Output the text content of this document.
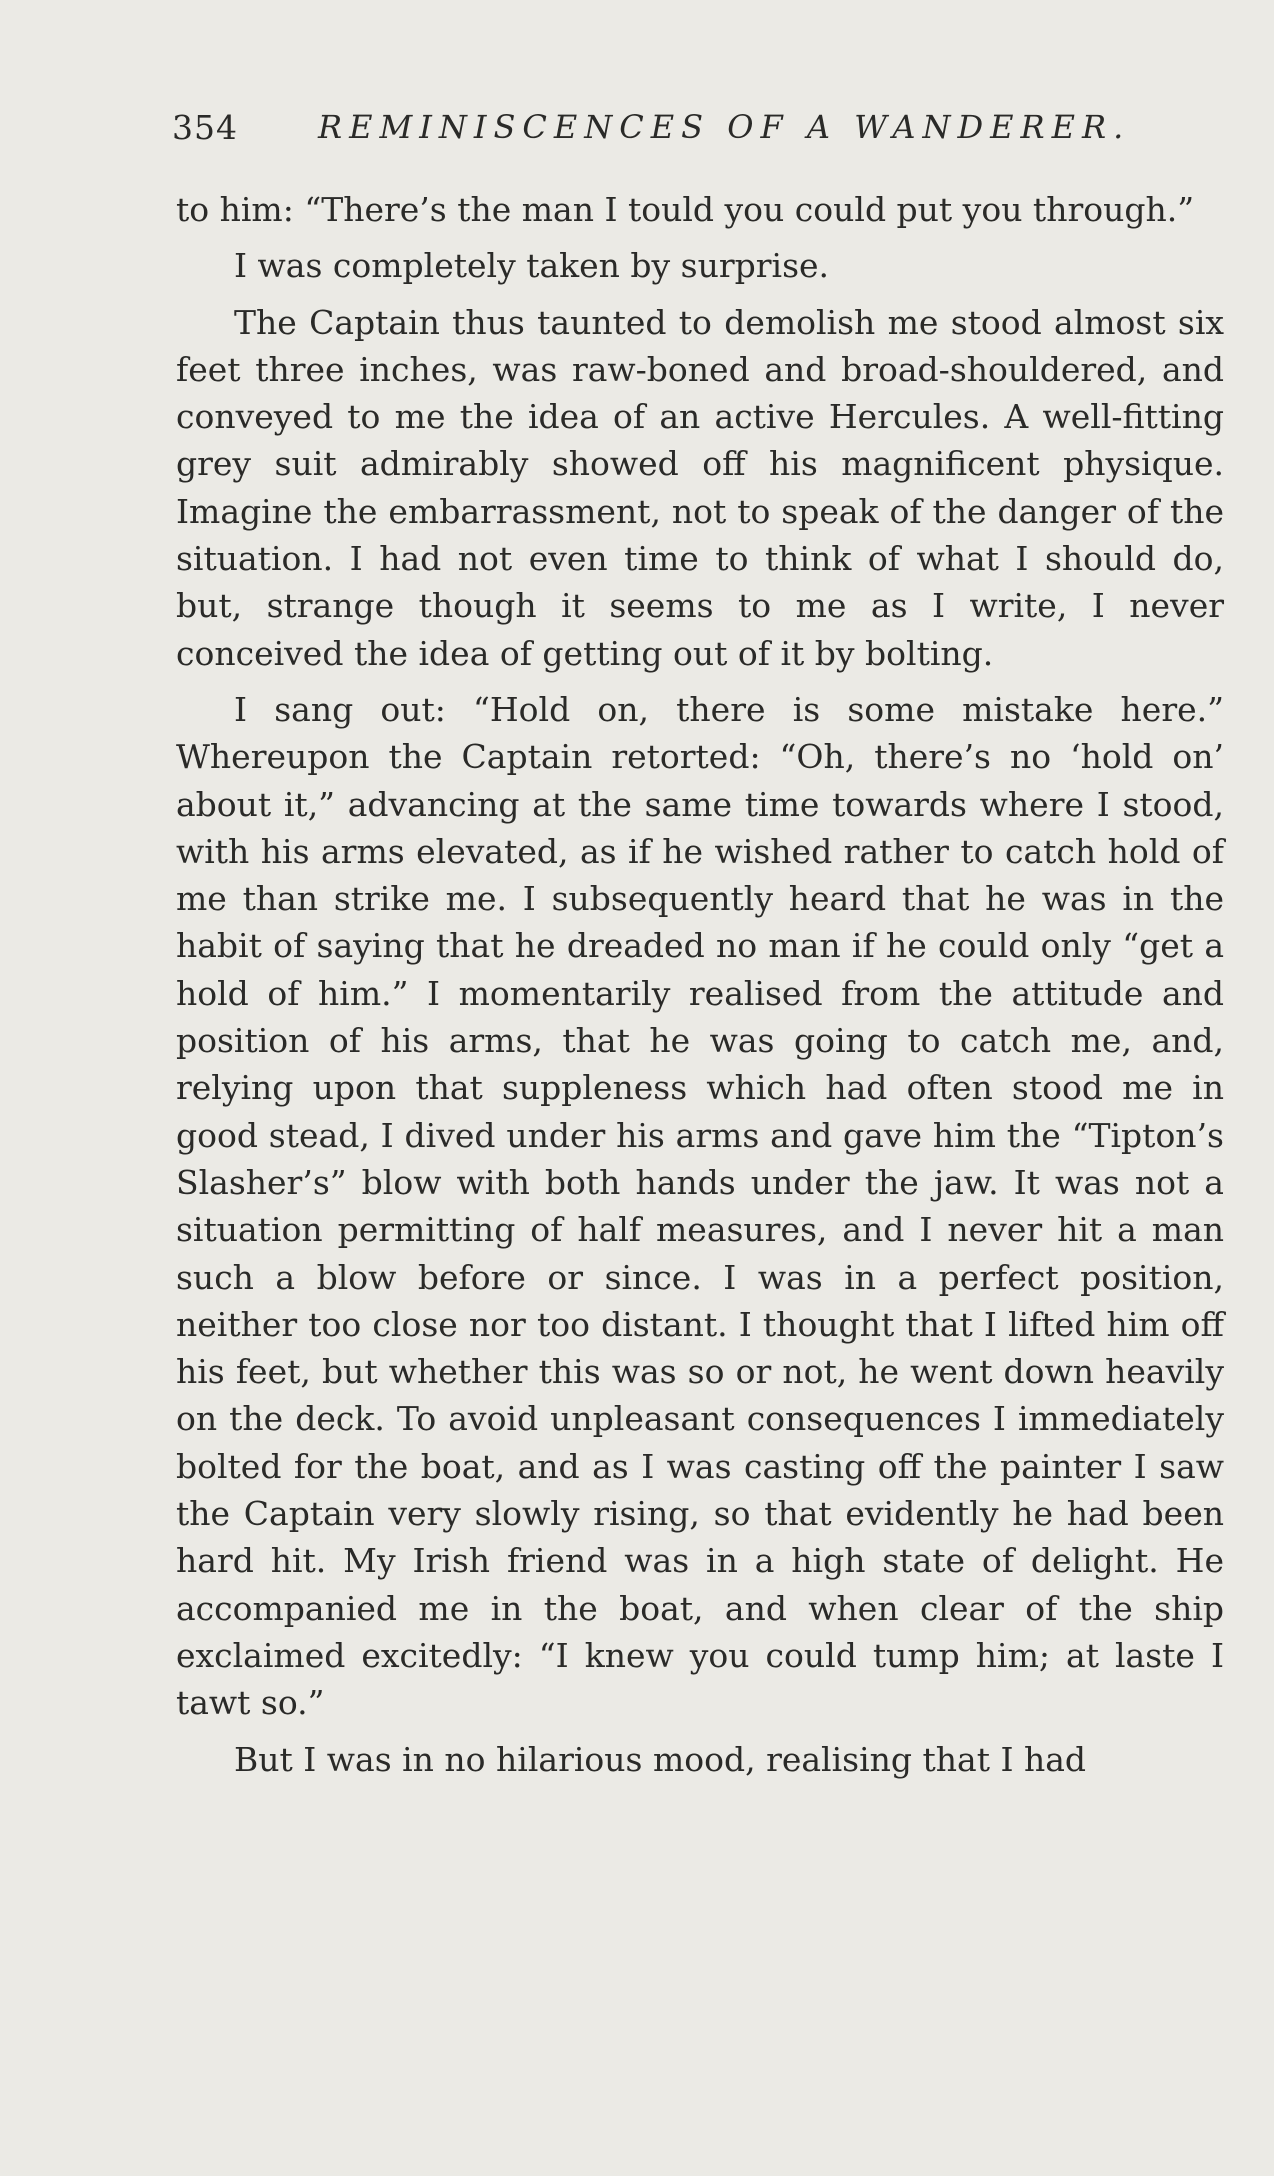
354	REMINISCENCES OF A WANDERER.

to him: “There’s the man I tould you could put you through.”

I was completely taken by surprise.

The Captain thus taunted to demolish me stood almost six feet three inches, was raw-boned and broad-shouldered, and conveyed to me the idea of an active Hercules. A well-fitting grey suit admirably showed off his magnificent physique. Imagine the embarrassment, not to speak of the danger of the situation. I had not even time to think of what I should do, but, strange though it seems to me as I write, I never conceived the idea of getting out of it by bolting.

I sang out: “Hold on, there is some mistake here.” Whereupon the Captain retorted: “Oh, there’s no ‘hold on’ about it,” advancing at the same time towards where I stood, with his arms elevated, as if he wished rather to catch hold of me than strike me. I subsequently heard that he was in the habit of saying that he dreaded no man if he could only “get a hold of him.” I momentarily realised from the attitude and position of his arms, that he was going to catch me, and, relying upon that suppleness which had often stood me in good stead, I dived under his arms and gave him the “Tipton’s Slasher’s” blow with both hands under the jaw. It was not a situation permitting of half measures, and I never hit a man such a blow before or since. I was in a perfect position, neither too close nor too distant. I thought that I lifted him off his feet, but whether this was so or not, he went down heavily on the deck. To avoid unpleasant consequences I immediately bolted for the boat, and as I was casting off the painter I saw the Captain very slowly rising, so that evidently he had been hard hit. My Irish friend was in a high state of delight. He accompanied me in the boat, and when clear of the ship exclaimed excitedly: “I knew you could tump him; at laste I tawt so.”

But I was in no hilarious mood, realising that I had
